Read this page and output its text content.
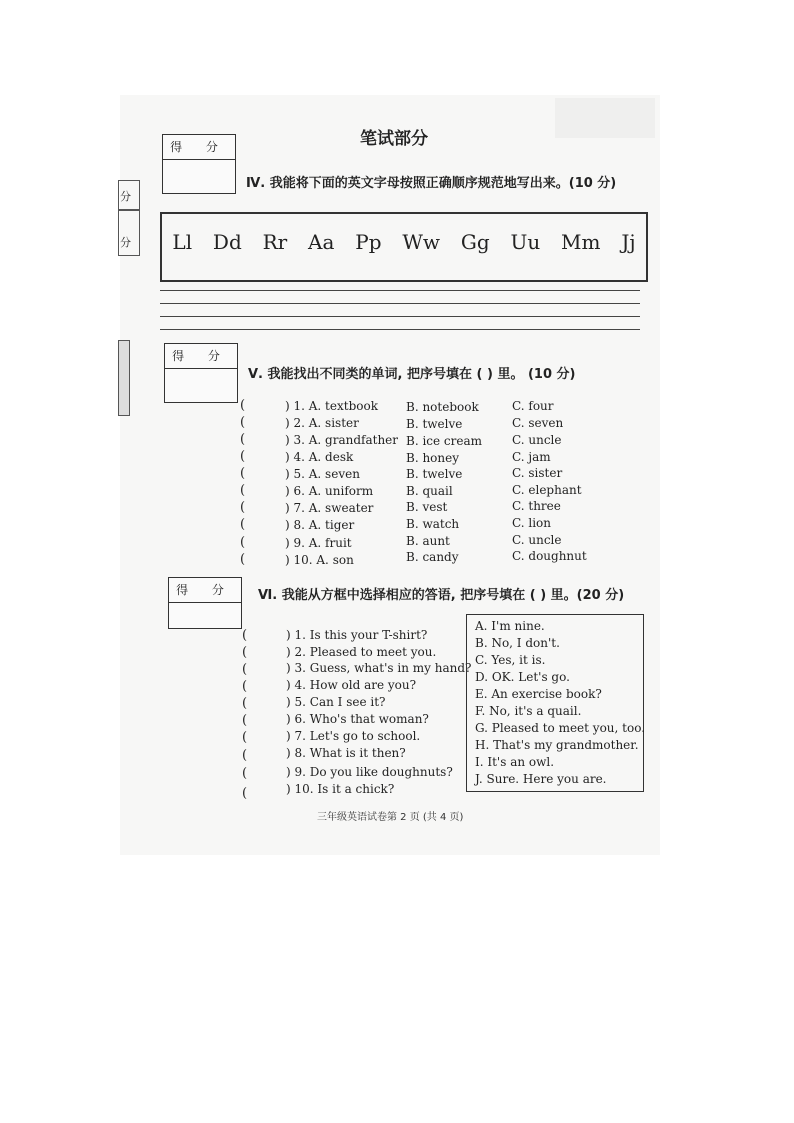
分
分
笔试部分
得 分
Ⅳ. 我能将下面的英文字母按照正确顺序规范地写出来。(10 分)
Ll Dd Rr Aa Pp Ww Gg Uu Mm Jj
得 分
Ⅴ. 我能找出不同类的单词, 把序号填在 ( ) 里。 (10 分)
(	) 1. A. textbook B. notebook	C. four
(	) 2. A. sister	B. twelve	C. seven
(	) 3. A. grandfather B. ice cream C. uncle
(	) 4. A. desk	B. honey	C. jam
(	) 5. A. seven	B. twelve	C. sister
(	) 6. A. uniform	B. quail	C. elephant
(	) 7. A. sweater	B. vest	C. three
(	) 8. A. tiger	B. watch	C. lion
(	) 9. A. fruit	B. aunt	C. uncle
(	) 10. A. son	B. candy	C. doughnut
得 分	Ⅵ. 我能从方框中选择相应的答语, 把序号填在 ( ) 里。(20 分)
(	) 1. Is this your T-shirt?
(	) 2. Pleased to meet you.
(	) 3. Guess, what's in my hand?
(	) 4. How old are you?
(	) 5. Can I see it?
(	) 6. Who's that woman?
(	) 7. Let's go to school.
(	) 8. What is it then?
(	) 9. Do you like doughnuts?
(	) 10. Is it a chick?
A. I'm nine.
B. No, I don't.
C. Yes, it is.
D. OK. Let's go.
E. An exercise book?
F. No, it's a quail.
G. Pleased to meet you, too.
H. That's my grandmother.
I. It's an owl.
J. Sure. Here you are.
三年级英语试卷第 2 页 (共 4 页)
